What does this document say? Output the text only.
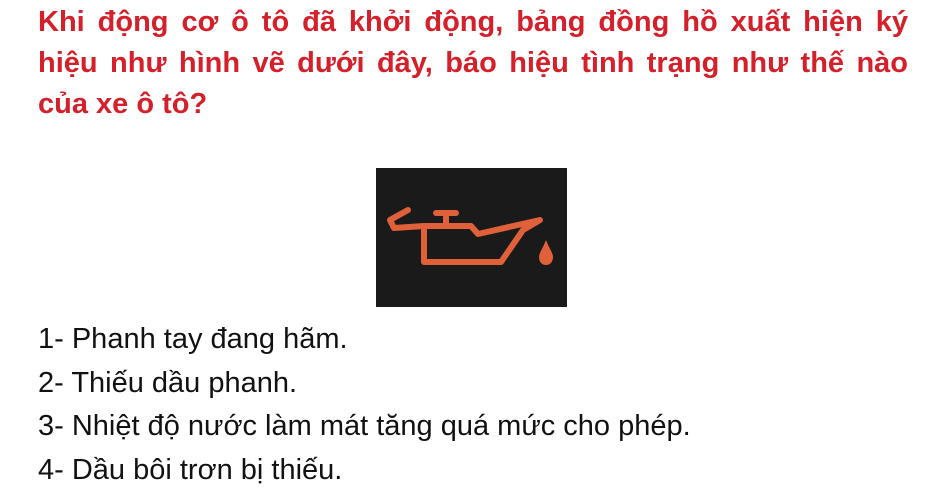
Khi động cơ ô tô đã khởi động, bảng đồng hồ xuất hiện ký hiệu như hình vẽ dưới đây, báo hiệu tình trạng như thế nào của xe ô tô?

1- Phanh tay đang hãm.
2- Thiếu dầu phanh.
3- Nhiệt độ nước làm mát tăng quá mức cho phép.
4- Dầu bôi trơn bị thiếu.
